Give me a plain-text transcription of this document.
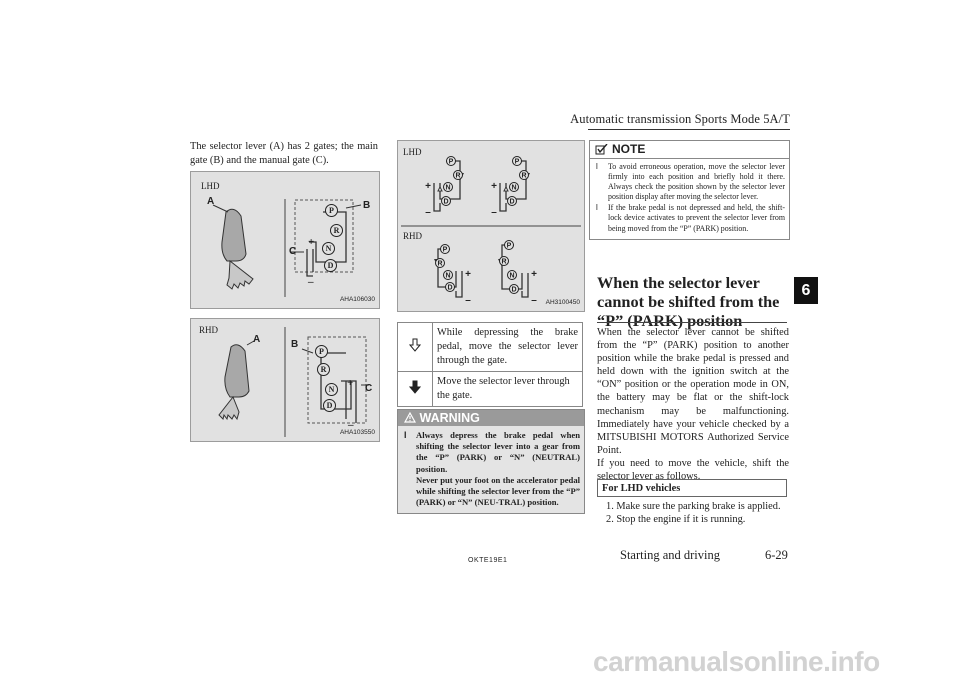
Automatic transmission Sports Mode 5A/T
6
The selector lever (A) has 2 gates; the main gate (B) and the manual gate (C).
LHD
AHA106030
A	B
C
P
R
N
D
+
–
RHD
AHA103550
A	B
C
P
R
N
D
+
–
LHD
RHD
AH3100450
P
R
N
D
+
–
P
R
N
D
+
–
P
R
N
D
+
–
P
R
N
D
+
–
	While depressing the brake pedal, move the selector lever through the gate.
	Move the selector lever through the gate.
WARNING
l Always depress the brake pedal when shifting the selector lever into a gear from the “P” (PARK) or “N” (NEUTRAL) position.
Never put your foot on the accelerator pedal while shifting the selector lever from the “P” (PARK) or “N” (NEU-TRAL) position.
NOTE
l To avoid erroneous operation, move the selector lever firmly into each position and briefly hold it there. Always check the position shown by the selector lever position display after moving the selector lever.
l If the brake pedal is not depressed and held, the shift-lock device activates to prevent the selector lever from being moved from the “P” (PARK) position.
When the selector lever cannot be shifted from the “P” (PARK) position
When the selector lever cannot be shifted from the “P” (PARK) position to another position while the brake pedal is pressed and held down with the ignition switch at the “ON” position or the operation mode in ON, the battery may be flat or the shift-lock mechanism may be malfunctioning. Immediately have your vehicle checked by a MITSUBISHI MOTORS Authorized Service Point.
If you need to move the vehicle, shift the selector lever as follows.
For LHD vehicles
1. Make sure the parking brake is applied.
2. Stop the engine if it is running.
OKTE19E1	Starting and driving	6-29
carmanualsonline.info
